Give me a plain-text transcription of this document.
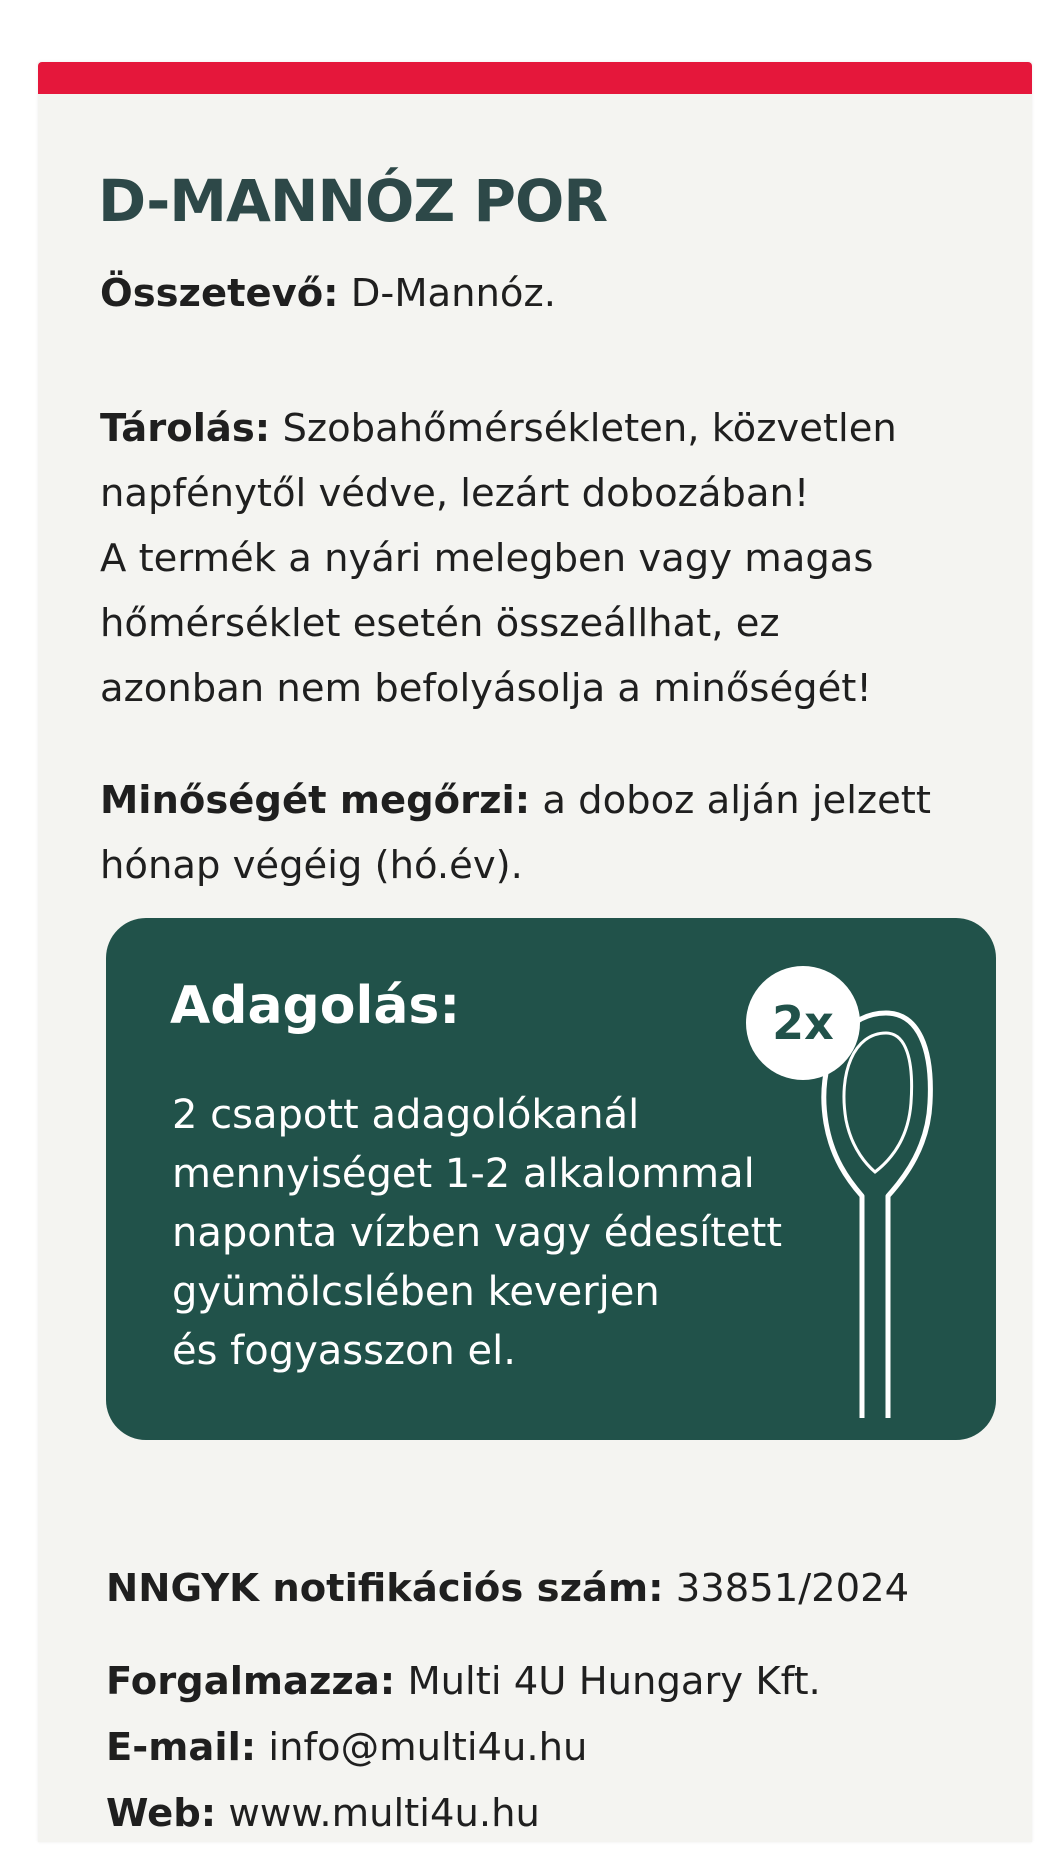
D-MANNÓZ POR

Összetevő: D-Mannóz.

Tárolás: Szobahőmérsékleten, közvetlen
napfénytől védve, lezárt dobozában!
A termék a nyári melegben vagy magas
hőmérséklet esetén összeállhat, ez
azonban nem befolyásolja a minőségét!

Minőségét megőrzi: a doboz alján jelzett
hónap végéig (hó.év).

Adagolás:

2 csapott adagolókanál
mennyiséget 1-2 alkalommal
naponta vízben vagy édesített
gyümölcslében keverjen
és fogyasszon el.

2x

NNGYK notifikációs szám: 33851/2024

Forgalmazza: Multi 4U Hungary Kft.

E-mail: info@multi4u.hu

Web: www.multi4u.hu
